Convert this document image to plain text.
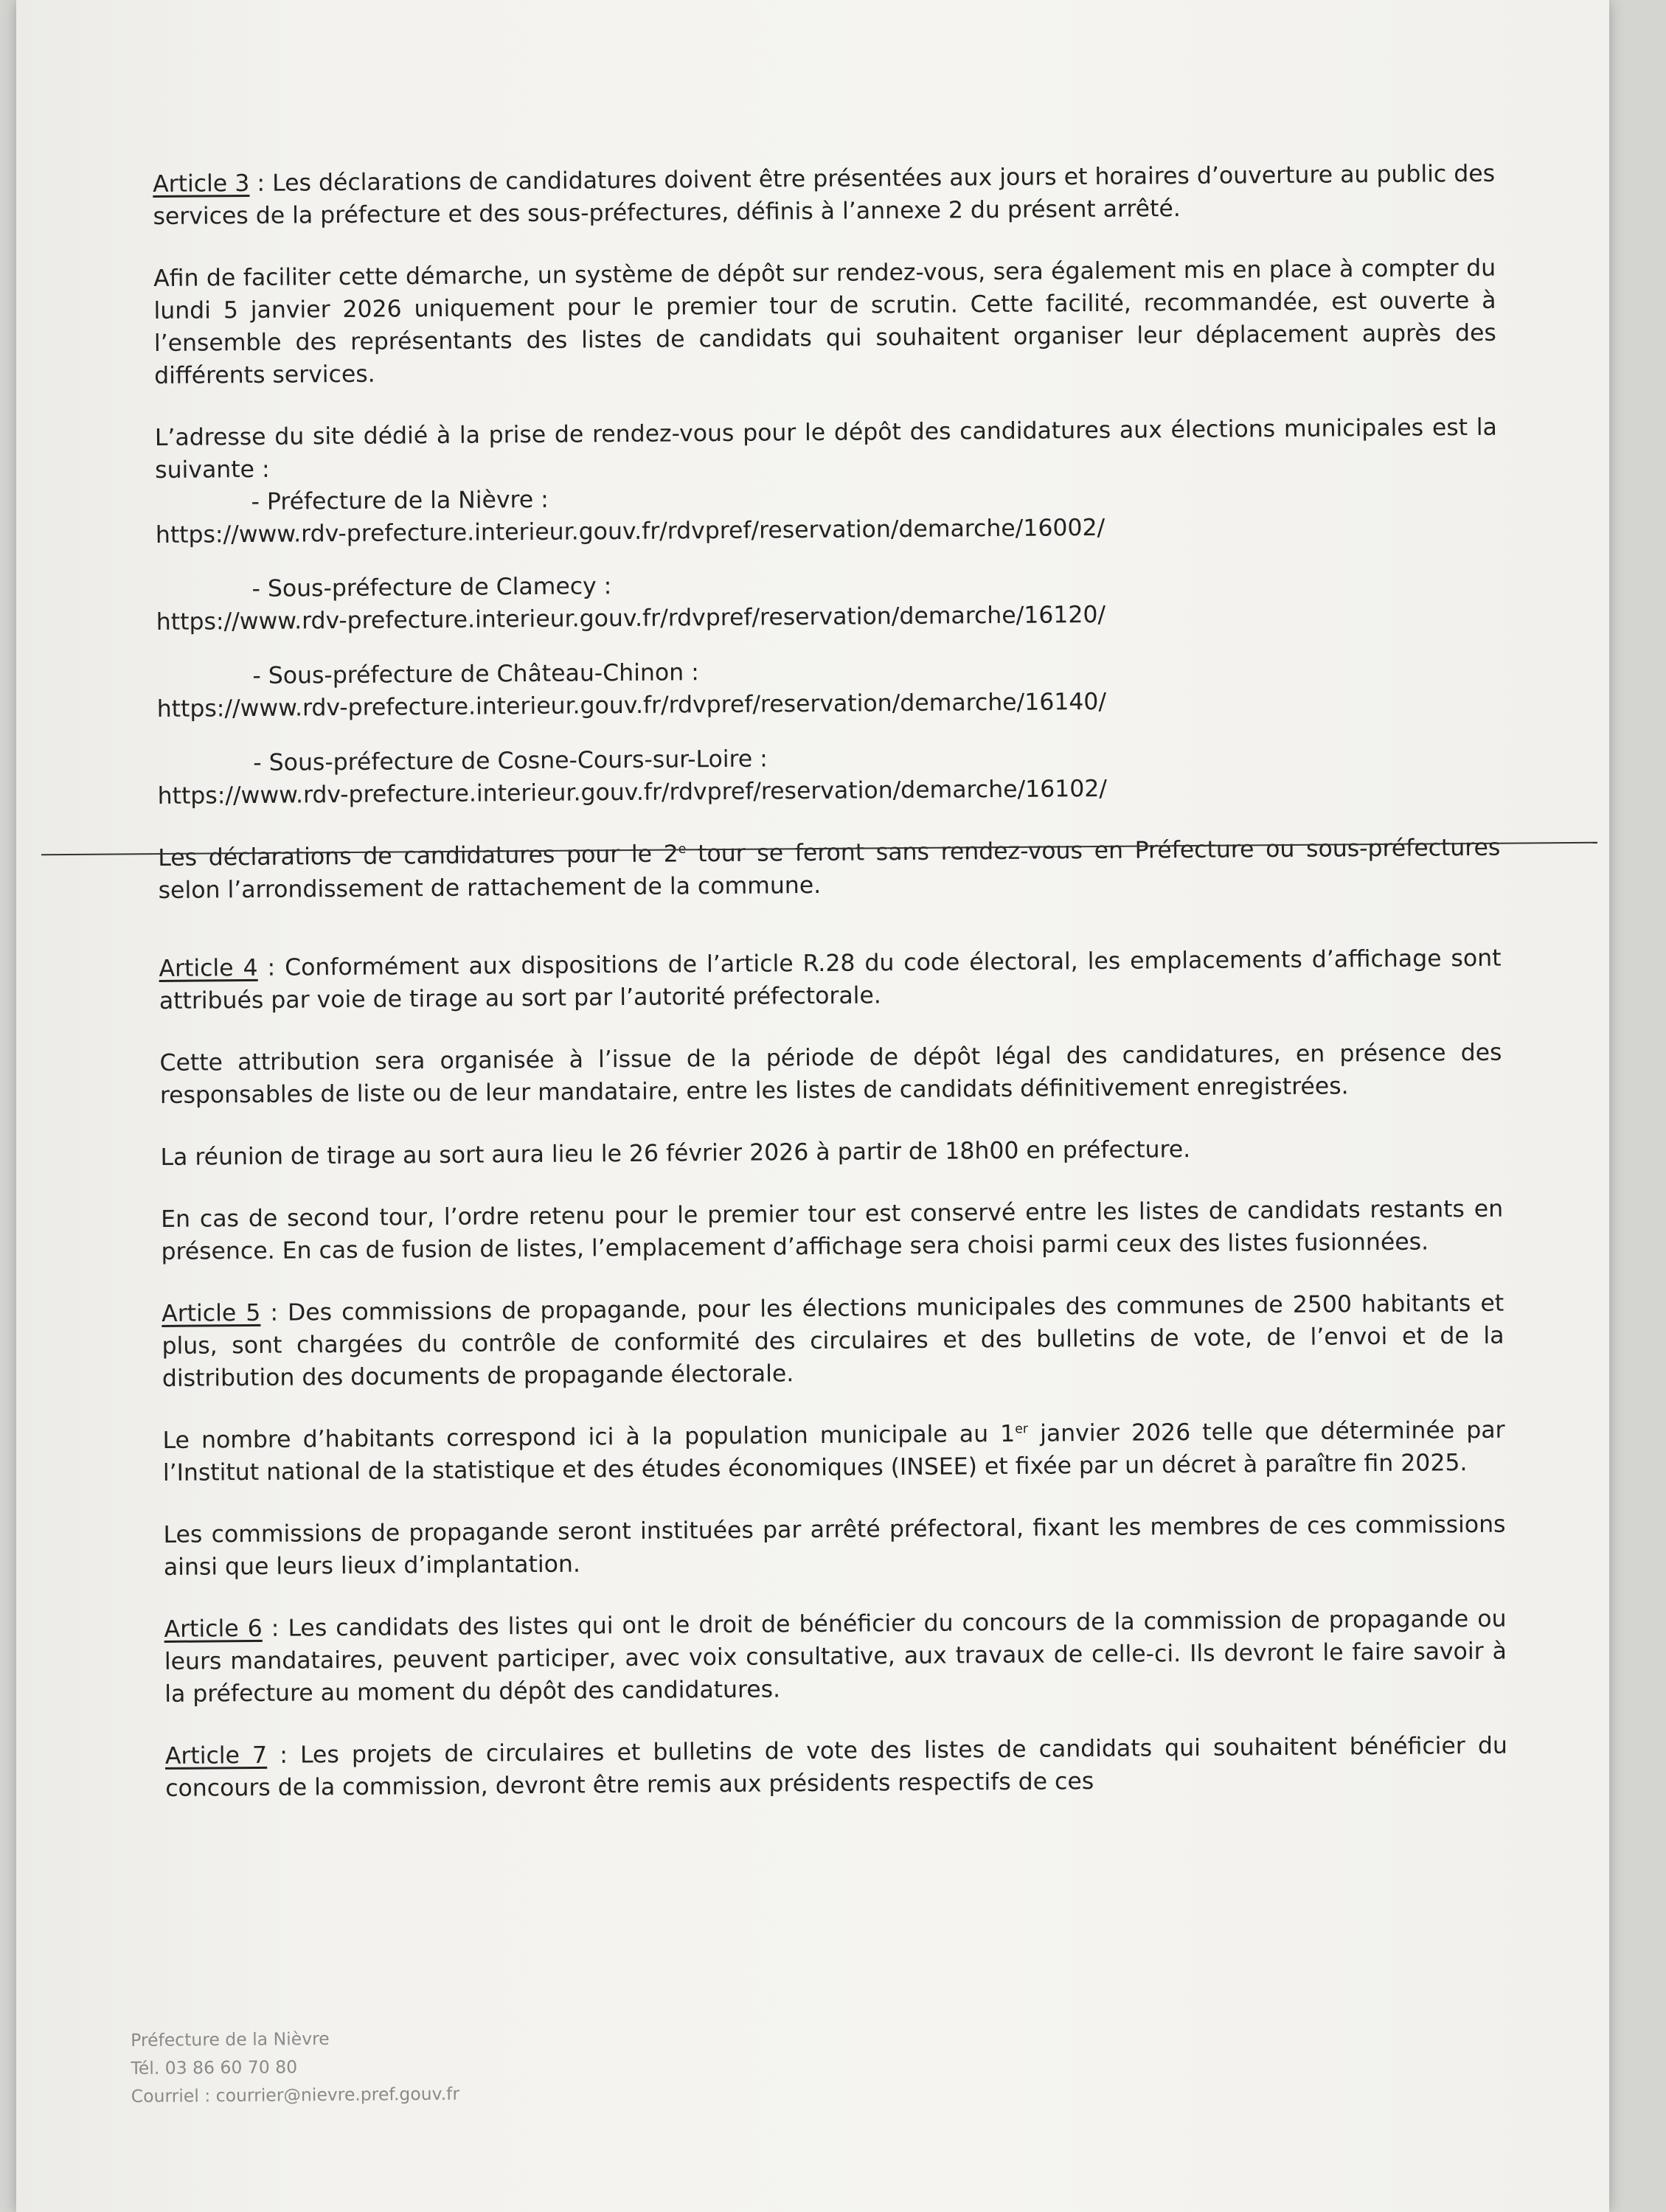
Article 3 : Les déclarations de candidatures doivent être présentées aux jours et horaires d’ouverture au public des services de la préfecture et des sous-préfectures, définis à l’annexe 2 du présent arrêté.

Afin de faciliter cette démarche, un système de dépôt sur rendez-vous, sera également mis en place à compter du lundi 5 janvier 2026 uniquement pour le premier tour de scrutin. Cette facilité, recommandée, est ouverte à l’ensemble des représentants des listes de candidats qui souhaitent organiser leur déplacement auprès des différents services.

L’adresse du site dédié à la prise de rendez-vous pour le dépôt des candidatures aux élections municipales est la suivante :

- Préfecture de la Nièvre :
https://www.rdv-prefecture.interieur.gouv.fr/rdvpref/reservation/demarche/16002/
- Sous-préfecture de Clamecy :
https://www.rdv-prefecture.interieur.gouv.fr/rdvpref/reservation/demarche/16120/
- Sous-préfecture de Château-Chinon :
https://www.rdv-prefecture.interieur.gouv.fr/rdvpref/reservation/demarche/16140/
- Sous-préfecture de Cosne-Cours-sur-Loire :
https://www.rdv-prefecture.interieur.gouv.fr/rdvpref/reservation/demarche/16102/

Les déclarations de candidatures pour le 2e tour se feront sans rendez-vous en Préfecture ou sous-préfectures selon l’arrondissement de rattachement de la commune.

Article 4 : Conformément aux dispositions de l’article R.28 du code électoral, les emplacements d’affichage sont attribués par voie de tirage au sort par l’autorité préfectorale.

Cette attribution sera organisée à l’issue de la période de dépôt légal des candidatures, en présence des responsables de liste ou de leur mandataire, entre les listes de candidats définitivement enregistrées.

La réunion de tirage au sort aura lieu le 26 février 2026 à partir de 18h00 en préfecture.

En cas de second tour, l’ordre retenu pour le premier tour est conservé entre les listes de candidats restants en présence. En cas de fusion de listes, l’emplacement d’affichage sera choisi parmi ceux des listes fusionnées.

Article 5 : Des commissions de propagande, pour les élections municipales des communes de 2500 habitants et plus, sont chargées du contrôle de conformité des circulaires et des bulletins de vote, de l’envoi et de la distribution des documents de propagande électorale.

Le nombre d’habitants correspond ici à la population municipale au 1er janvier 2026 telle que déterminée par l’Institut national de la statistique et des études économiques (INSEE) et fixée par un décret à paraître fin 2025.

Les commissions de propagande seront instituées par arrêté préfectoral, fixant les membres de ces commissions ainsi que leurs lieux d’implantation.

Article 6 : Les candidats des listes qui ont le droit de bénéficier du concours de la commission de propagande ou leurs mandataires, peuvent participer, avec voix consultative, aux travaux de celle-ci. Ils devront le faire savoir à la préfecture au moment du dépôt des candidatures.

Article 7 : Les projets de circulaires et bulletins de vote des listes de candidats qui souhaitent bénéficier du concours de la commission, devront être remis aux présidents respectifs de ces

Préfecture de la Nièvre
Tél. 03 86 60 70 80
Courriel : courrier@nievre.pref.gouv.fr
